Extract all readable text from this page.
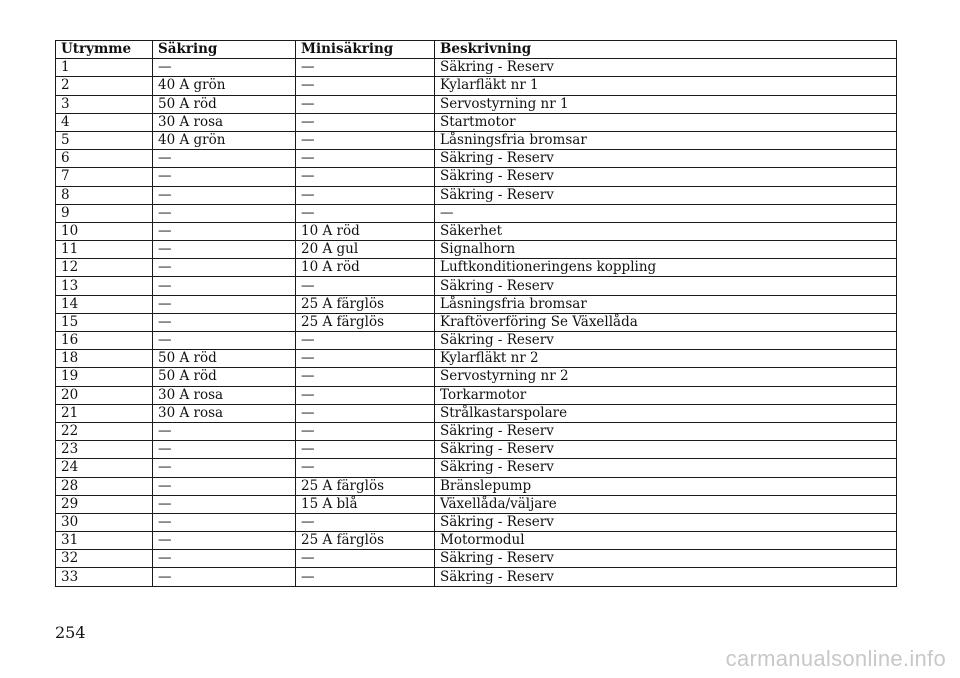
Utrymme	Säkring	Minisäkring	Beskrivning
1	—	—	Säkring - Reserv
2	40 A grön	—	Kylarfläkt nr 1
3	50 A röd	—	Servostyrning nr 1
4	30 A rosa	—	Startmotor
5	40 A grön	—	Låsningsfria bromsar
6	—	—	Säkring - Reserv
7	—	—	Säkring - Reserv
8	—	—	Säkring - Reserv
9	—	—	—
10	—	10 A röd	Säkerhet
11	—	20 A gul	Signalhorn
12	—	10 A röd	Luftkonditioneringens koppling
13	—	—	Säkring - Reserv
14	—	25 A färglös	Låsningsfria bromsar
15	—	25 A färglös	Kraftöverföring Se Växellåda
16	—	—	Säkring - Reserv
18	50 A röd	—	Kylarfläkt nr 2
19	50 A röd	—	Servostyrning nr 2
20	30 A rosa	—	Torkarmotor
21	30 A rosa	—	Strålkastarspolare
22	—	—	Säkring - Reserv
23	—	—	Säkring - Reserv
24	—	—	Säkring - Reserv
28	—	25 A färglös	Bränslepump
29	—	15 A blå	Växellåda/väljare
30	—	—	Säkring - Reserv
31	—	25 A färglös	Motormodul
32	—	—	Säkring - Reserv
33	—	—	Säkring - Reserv
254
carmanualsonline.info
